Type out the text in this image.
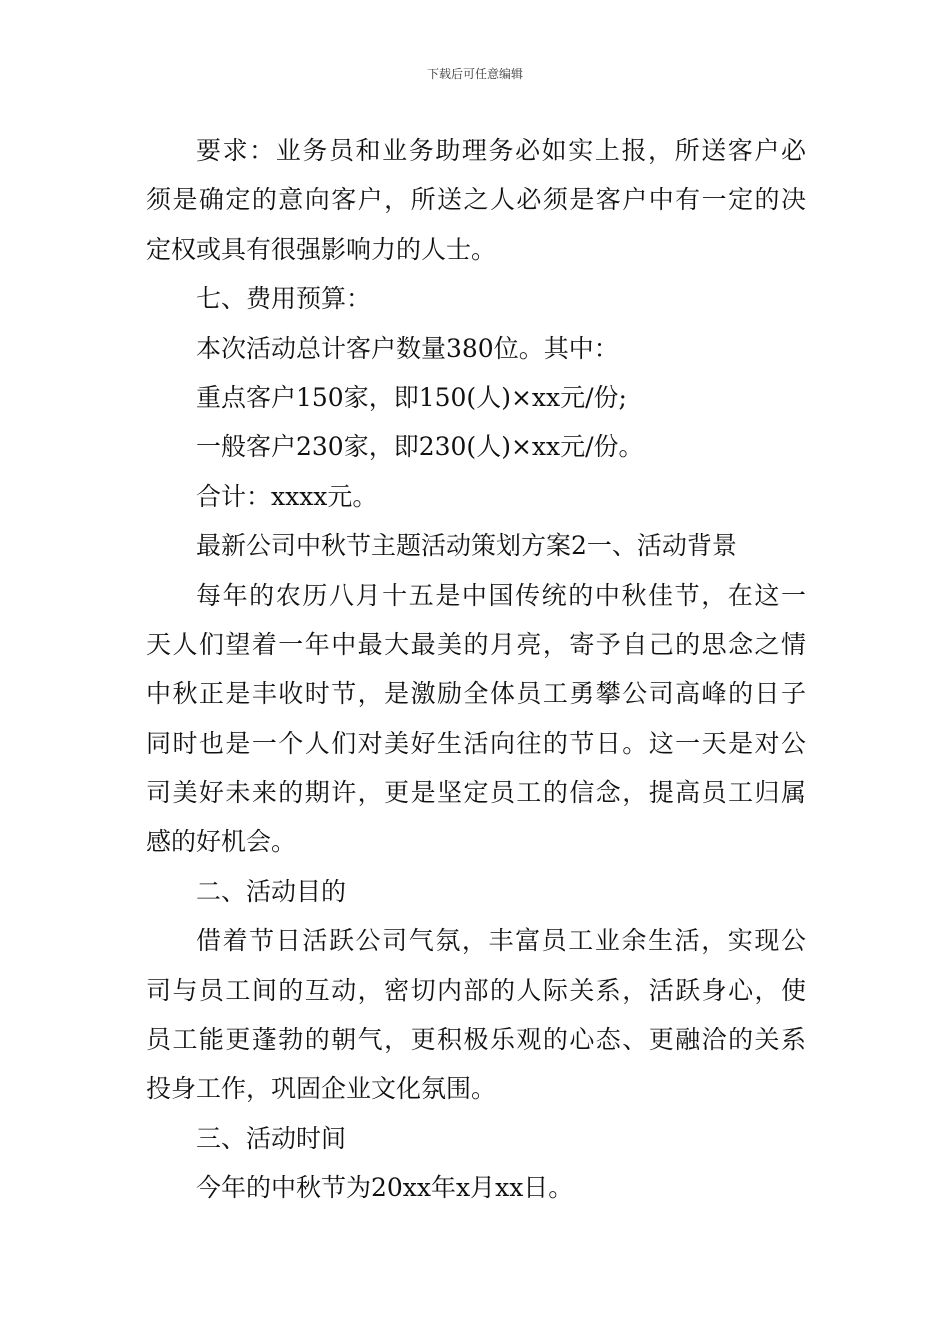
下载后可任意编辑
要求：业务员和业务助理务必如实上报，所送客户必
须是确定的意向客户，所送之人必须是客户中有一定的决
定权或具有很强影响力的人士。
七、费用预算：
本次活动总计客户数量380位。其中：
重点客户150家，即150(人)×xx元/份;
一般客户230家，即230(人)×xx元/份。
合计：xxxx元。
最新公司中秋节主题活动策划方案2一、活动背景
每年的农历八月十五是中国传统的中秋佳节，在这一
天人们望着一年中最大最美的月亮，寄予自己的思念之情
中秋正是丰收时节，是激励全体员工勇攀公司高峰的日子
同时也是一个人们对美好生活向往的节日。这一天是对公
司美好未来的期许，更是坚定员工的信念，提高员工归属
感的好机会。
二、活动目的
借着节日活跃公司气氛，丰富员工业余生活，实现公
司与员工间的互动，密切内部的人际关系，活跃身心，使
员工能更蓬勃的朝气，更积极乐观的心态、更融洽的关系
投身工作，巩固企业文化氛围。
三、活动时间
今年的中秋节为20xx年x月xx日。
